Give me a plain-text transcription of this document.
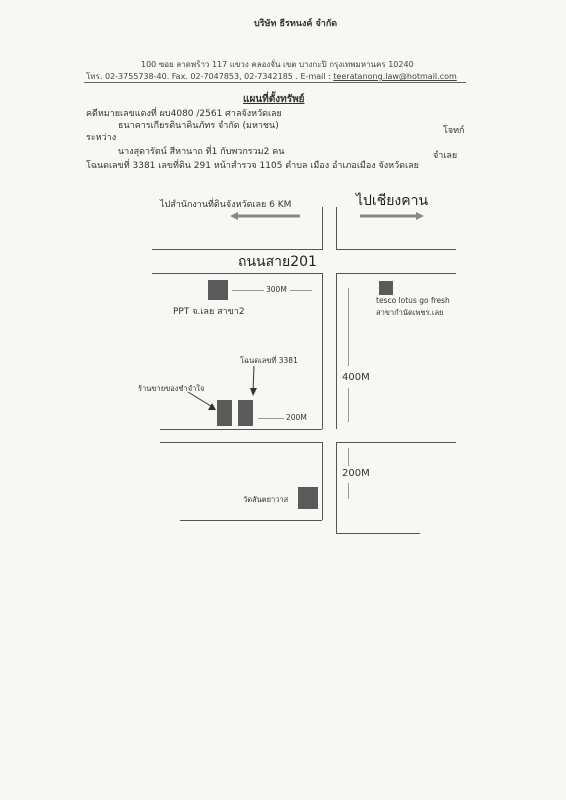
บริษัท ธีรทนงค์ จำกัด
100 ซอย ลาดพร้าว 117 แขวง คลองจั่น เขต บางกะปิ กรุงเทพมหานคร 10240
โทร. 02-3755738-40. Fax. 02-7047853, 02-7342185 . E-mail : teeratanong.law@hotmail.com
แผนที่ตั้งทรัพย์
คดีหมายเลขแดงที่ ผบ4080 /2561 ศาลจังหวัดเลย
ธนาคารเกียรตินาคินภัทร จำกัด (มหาชน)	โจทก์
ระหว่าง
นางสุดารัตน์ สีหานาถ ที่1 กับพวกรวม2 คน	จำเลย
โฉนดเลขที่ 3381 เลขที่ดิน 291 หน้าสำรวจ 1105 ตำบล เมือง อำเภอเมือง จังหวัดเลย
ไปสำนักงานที่ดินจังหวัดเลย 6 KM	ไปเชียงคาน
ถนนสาย201
300M
PPT จ.เลย สาขา2
tesco lotus go fresh
สาขากำนัดเพชร.เลย
400M
โฉนดเลขที่ 3381
ร้านขายของชำจำใจ
200M
200M
วัดสันตยาวาส
